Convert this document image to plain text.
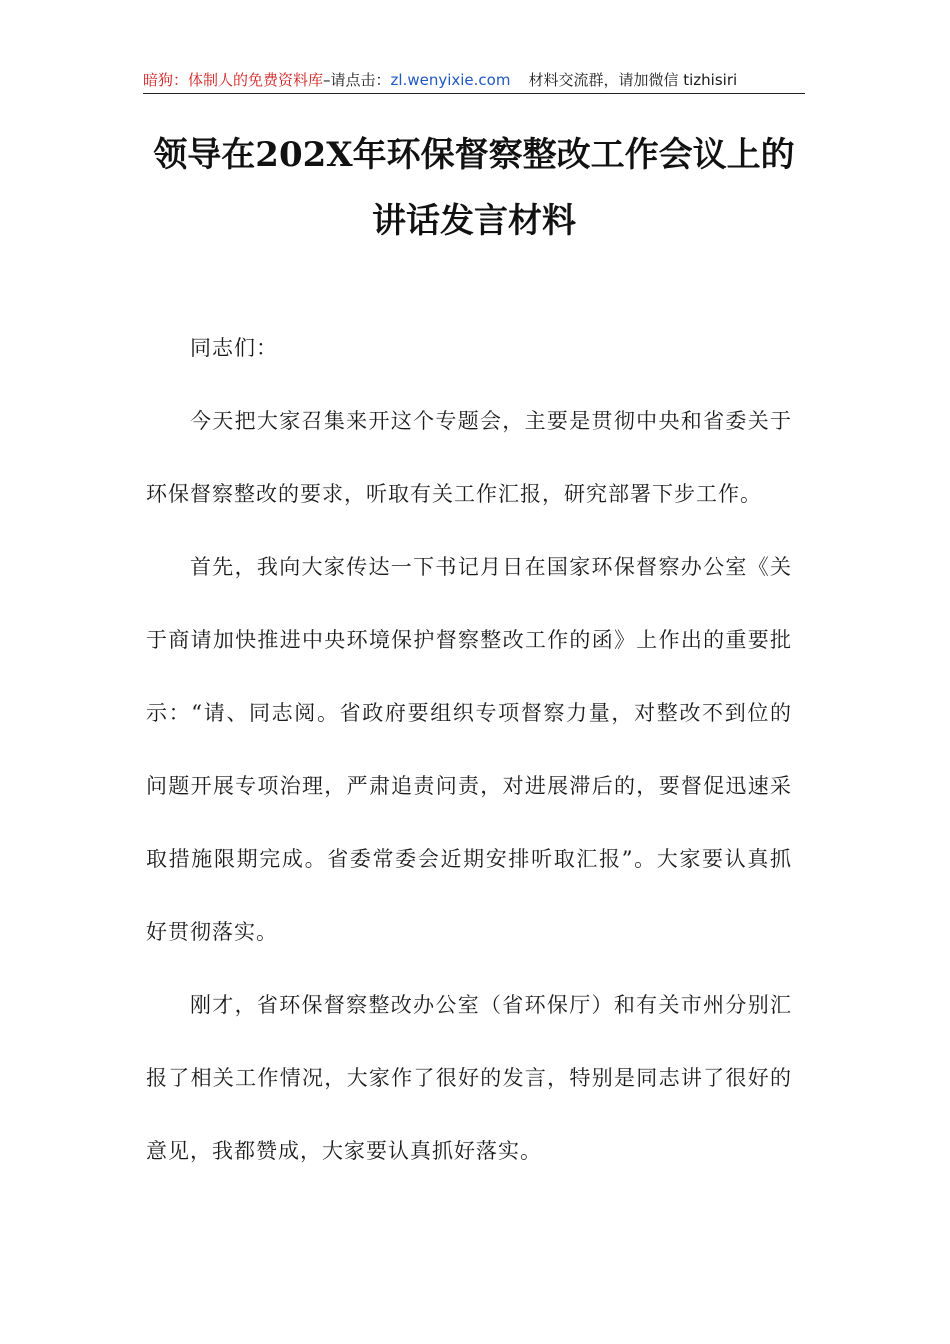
暗狗：体制人的免费资料库–请点击：zl.wenyixie.com 材料交流群，请加微信 tizhisiri
领导在202X年环保督察整改工作会议上的
讲话发言材料

同志们：

今天把大家召集来开这个专题会，主要是贯彻中央和省委关于环保督察整改的要求，听取有关工作汇报，研究部署下步工作。

首先，我向大家传达一下书记月日在国家环保督察办公室《关于商请加快推进中央环境保护督察整改工作的函》上作出的重要批示：“请、同志阅。省政府要组织专项督察力量，对整改不到位的问题开展专项治理，严肃追责问责，对进展滞后的，要督促迅速采取措施限期完成。省委常委会近期安排听取汇报”。大家要认真抓好贯彻落实。

刚才，省环保督察整改办公室（省环保厅）和有关市州分别汇报了相关工作情况，大家作了很好的发言，特别是同志讲了很好的意见，我都赞成，大家要认真抓好落实。
